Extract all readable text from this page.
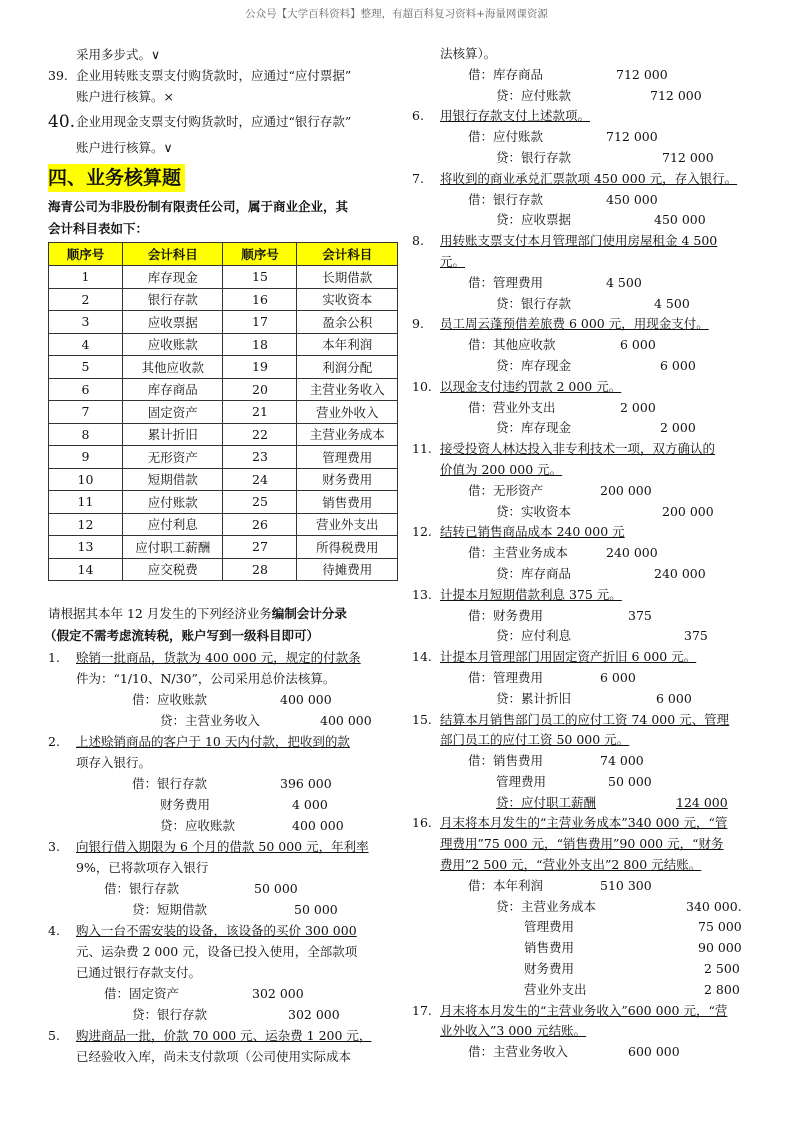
公众号【大学百科资料】整理，有超百科复习资料+海量网课资源
采用多步式。∨
39. 企业用转账支票支付购货款时，应通过“应付票据”
账户进行核算。×
40. 企业用现金支票支付购货款时，应通过“银行存款”
账户进行核算。∨
四、业务核算题
海青公司为非股份制有限责任公司，属于商业企业，其
会计科目表如下：
顺序号	会计科目	顺序号	会计科目
1	库存现金	15	长期借款
2	银行存款	16	实收资本
3	应收票据	17	盈余公积
4	应收账款	18	本年利润
5	其他应收款	19	利润分配
6	库存商品	20	主营业务收入
7	固定资产	21	营业外收入
8	累计折旧	22	主营业务成本
9	无形资产	23	管理费用
10	短期借款	24	财务费用
11	应付账款	25	销售费用
12	应付利息	26	营业外支出
13	应付职工薪酬	27	所得税费用
14	应交税费	28	待摊费用
请根据其本年 12 月发生的下列经济业务编制会计分录
（假定不需考虑流转税，账户写到一级科目即可）
1. 赊销一批商品，货款为 400 000 元，规定的付款条
件为：“1/10、N/30”，公司采用总价法核算。
借：应收账款	400 000
贷：主营业务收入	400 000
2. 上述赊销商品的客户于 10 天内付款，把收到的款
项存入银行。
借：银行存款	396 000
财务费用	4 000
贷：应收账款	400 000
3. 向银行借入期限为 6 个月的借款 50 000 元，年利率
9%，已将款项存入银行
借：银行存款	50 000
贷：短期借款	50 000
4. 购入一台不需安装的设备，该设备的买价 300 000
元、运杂费 2 000 元，设备已投入使用，全部款项
已通过银行存款支付。
借：固定资产	302 000
贷：银行存款	302 000
5. 购进商品一批，价款 70 000 元、运杂费 1 200 元，
已经验收入库，尚未支付款项（公司使用实际成本
法核算）。
借：库存商品	712 000
贷：应付账款	712 000
6. 用银行存款支付上述款项。
借：应付账款	712 000
贷：银行存款	712 000
7. 将收到的商业承兑汇票款项 450 000 元，存入银行。
借：银行存款	450 000
贷：应收票据	450 000
8. 用转账支票支付本月管理部门使用房屋租金 4 500
元。
借：管理费用	4 500
贷：银行存款	4 500
9. 员工周云蓬预借差旅费 6 000 元，用现金支付。
借：其他应收款	6 000
贷：库存现金	6 000
10. 以现金支付违约罚款 2 000 元。
借：营业外支出	2 000
贷：库存现金	2 000
11. 接受投资人林达投入非专利技术一项，双方确认的
价值为 200 000 元。
借：无形资产	200 000
贷：实收资本	200 000
12. 结转已销售商品成本 240 000 元
借：主营业务成本	240 000
贷：库存商品	240 000
13. 计提本月短期借款利息 375 元。
借：财务费用	375
贷：应付利息	375
14. 计提本月管理部门用固定资产折旧 6 000 元。
借：管理费用	6 000
贷：累计折旧	6 000
15. 结算本月销售部门员工的应付工资 74 000 元、管理
部门员工的应付工资 50 000 元。
借：销售费用	74 000
管理费用	50 000
贷：应付职工薪酬	124 000
16. 月末将本月发生的“主营业务成本”340 000 元，“管
理费用”75 000 元，“销售费用”90 000 元，“财务
费用”2 500 元，“营业外支出”2 800 元结账。
借：本年利润	510 300
贷：主营业务成本	340 000.
管理费用	75 000
销售费用	90 000
财务费用	2 500
营业外支出	2 800
17. 月末将本月发生的“主营业务收入”600 000 元，“营
业外收入”3 000 元结账。
借：主营业务收入	600 000
